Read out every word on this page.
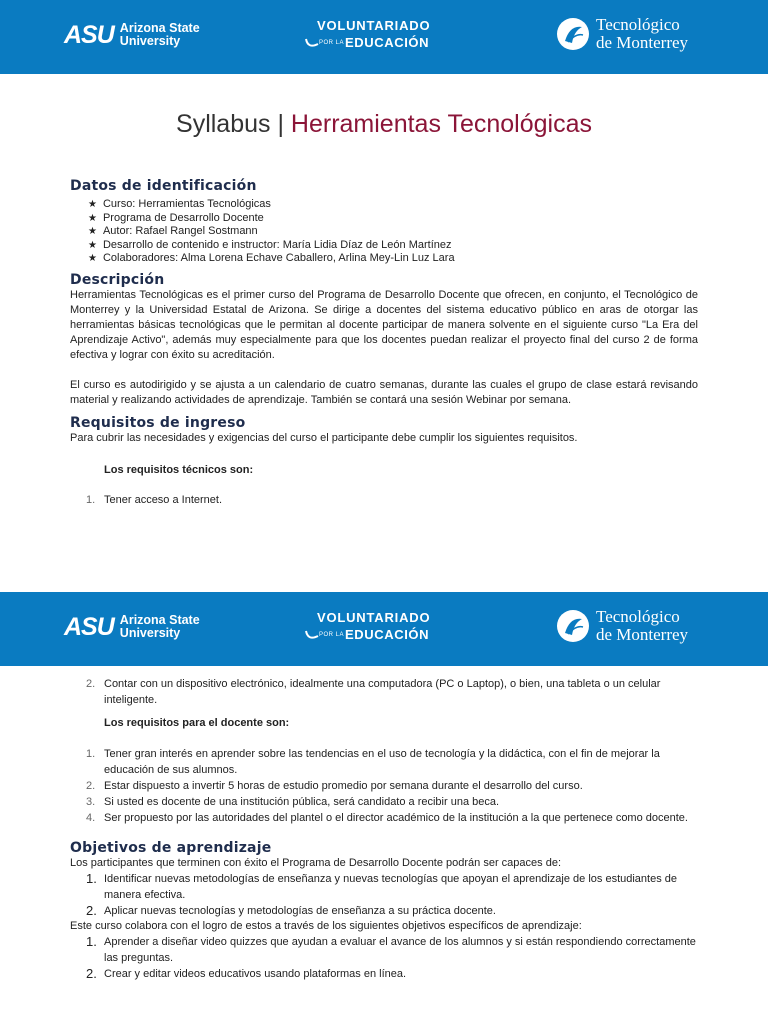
ASU Arizona State
University
VOLUNTARIADO
POR LA EDUCACIÓN
Tecnológico
de Monterrey
Syllabus | Herramientas Tecnológicas
Datos de identificación
★ Curso: Herramientas Tecnológicas
★ Programa de Desarrollo Docente
★ Autor: Rafael Rangel Sostmann
★ Desarrollo de contenido e instructor: María Lidia Díaz de León Martínez
★ Colaboradores: Alma Lorena Echave Caballero, Arlina Mey-Lin Luz Lara
Descripción

Herramientas Tecnológicas es el primer curso del Programa de Desarrollo Docente que ofrecen, en conjunto, el Tecnológico de Monterrey y la Universidad Estatal de Arizona. Se dirige a docentes del sistema educativo público en aras de otorgar las herramientas básicas tecnológicas que le permitan al docente participar de manera solvente en el siguiente curso "La Era del Aprendizaje Activo", además muy especialmente para que los docentes puedan realizar el proyecto final del curso 2 de forma efectiva y lograr con éxito su acreditación.

El curso es autodirigido y se ajusta a un calendario de cuatro semanas, durante las cuales el grupo de clase estará revisando material y realizando actividades de aprendizaje. También se contará una sesión Webinar por semana.

Requisitos de ingreso

Para cubrir las necesidades y exigencias del curso el participante debe cumplir los siguientes requisitos.

Los requisitos técnicos son:
1. Tener acceso a Internet.
ASU Arizona State
University
VOLUNTARIADO
POR LA EDUCACIÓN
Tecnológico
de Monterrey
2. Contar con un dispositivo electrónico, idealmente una computadora (PC o Laptop), o bien, una tableta o un celular inteligente.
Los requisitos para el docente son:
1. Tener gran interés en aprender sobre las tendencias en el uso de tecnología y la didáctica, con el fin de mejorar la educación de sus alumnos.
2. Estar dispuesto a invertir 5 horas de estudio promedio por semana durante el desarrollo del curso.
3. Si usted es docente de una institución pública, será candidato a recibir una beca.
4. Ser propuesto por las autoridades del plantel o el director académico de la institución a la que pertenece como docente.
Objetivos de aprendizaje

Los participantes que terminen con éxito el Programa de Desarrollo Docente podrán ser capaces de:

1. Identificar nuevas metodologías de enseñanza y nuevas tecnologías que apoyan el aprendizaje de los estudiantes de manera efectiva.
2. Aplicar nuevas tecnologías y metodologías de enseñanza a su práctica docente.

Este curso colabora con el logro de estos a través de los siguientes objetivos específicos de aprendizaje:

1. Aprender a diseñar video quizzes que ayudan a evaluar el avance de los alumnos y si están respondiendo correctamente las preguntas.
2. Crear y editar videos educativos usando plataformas en línea.
